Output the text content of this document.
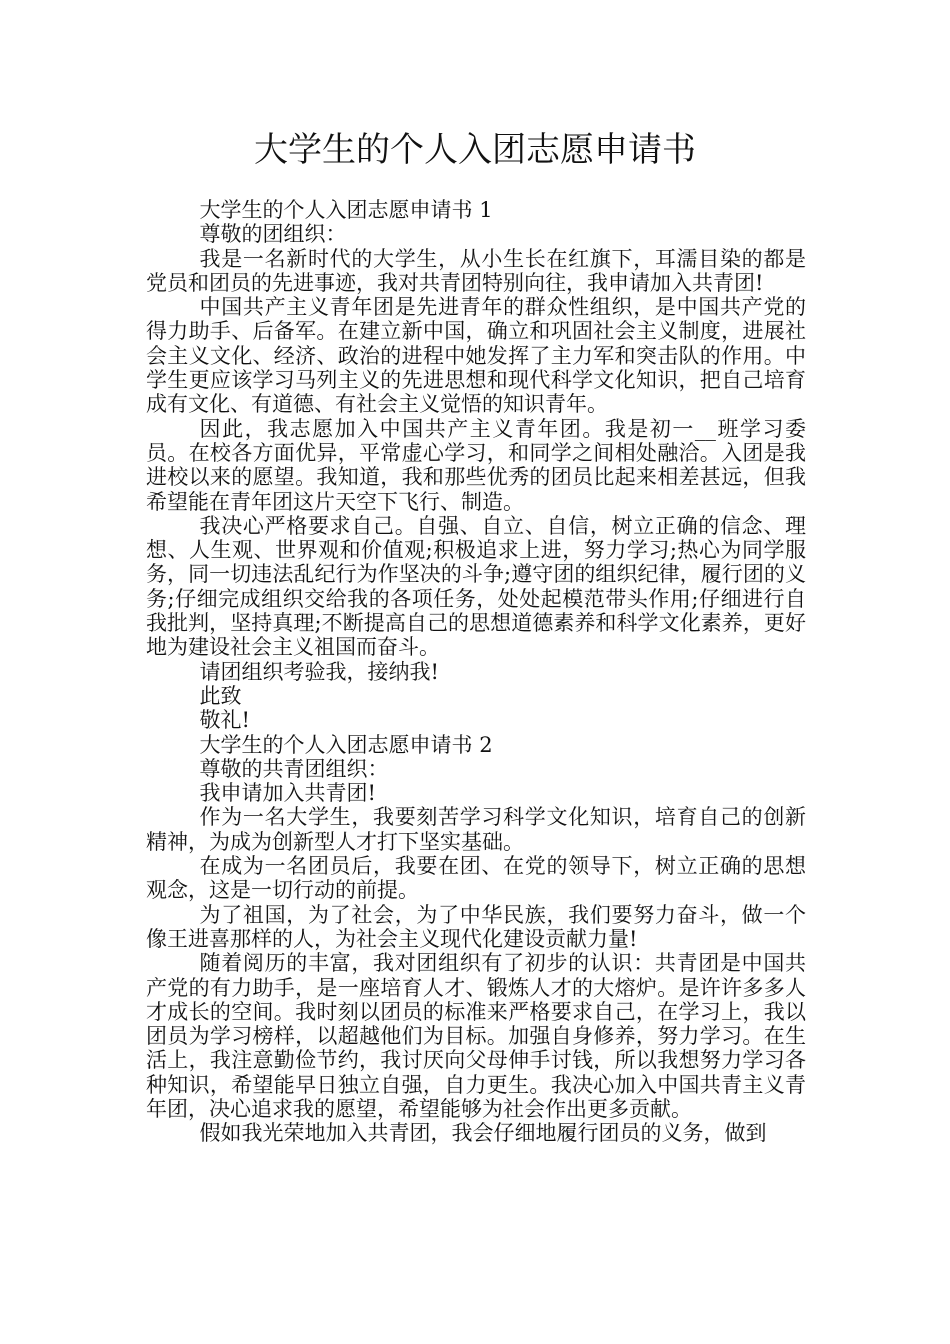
大学生的个人入团志愿申请书

大学生的个人入团志愿申请书 1

尊敬的团组织：

我是一名新时代的大学生，从小生长在红旗下，耳濡目染的都是党员和团员的先进事迹，我对共青团特别向往，我申请加入共青团!

中国共产主义青年团是先进青年的群众性组织，是中国共产党的得力助手、后备军。在建立新中国，确立和巩固社会主义制度，进展社会主义文化、经济、政治的进程中她发挥了主力军和突击队的作用。中学生更应该学习马列主义的先进思想和现代科学文化知识，把自己培育成有文化、有道德、有社会主义觉悟的知识青年。

因此，我志愿加入中国共产主义青年团。我是初一__班学习委员。在校各方面优异，平常虚心学习，和同学之间相处融洽。入团是我进校以来的愿望。我知道，我和那些优秀的团员比起来相差甚远，但我希望能在青年团这片天空下飞行、制造。

我决心严格要求自己。自强、自立、自信，树立正确的信念、理想、人生观、世界观和价值观;积极追求上进，努力学习;热心为同学服务，同一切违法乱纪行为作坚决的斗争;遵守团的组织纪律，履行团的义务;仔细完成组织交给我的各项任务，处处起模范带头作用;仔细进行自我批判，坚持真理;不断提高自己的思想道德素养和科学文化素养，更好地为建设社会主义祖国而奋斗。

请团组织考验我，接纳我!

此致

敬礼!

大学生的个人入团志愿申请书 2

尊敬的共青团组织：

我申请加入共青团!

作为一名大学生，我要刻苦学习科学文化知识，培育自己的创新精神，为成为创新型人才打下坚实基础。

在成为一名团员后，我要在团、在党的领导下，树立正确的思想观念，这是一切行动的前提。

为了祖国，为了社会，为了中华民族，我们要努力奋斗，做一个像王进喜那样的人，为社会主义现代化建设贡献力量!

随着阅历的丰富，我对团组织有了初步的认识：共青团是中国共产党的有力助手，是一座培育人才、锻炼人才的大熔炉。是许许多多人才成长的空间。我时刻以团员的标准来严格要求自己，在学习上，我以团员为学习榜样，以超越他们为目标。加强自身修养，努力学习。在生活上，我注意勤俭节约，我讨厌向父母伸手讨钱，所以我想努力学习各种知识，希望能早日独立自强，自力更生。我决心加入中国共青主义青年团，决心追求我的愿望，希望能够为社会作出更多贡献。

假如我光荣地加入共青团，我会仔细地履行团员的义务，做到
